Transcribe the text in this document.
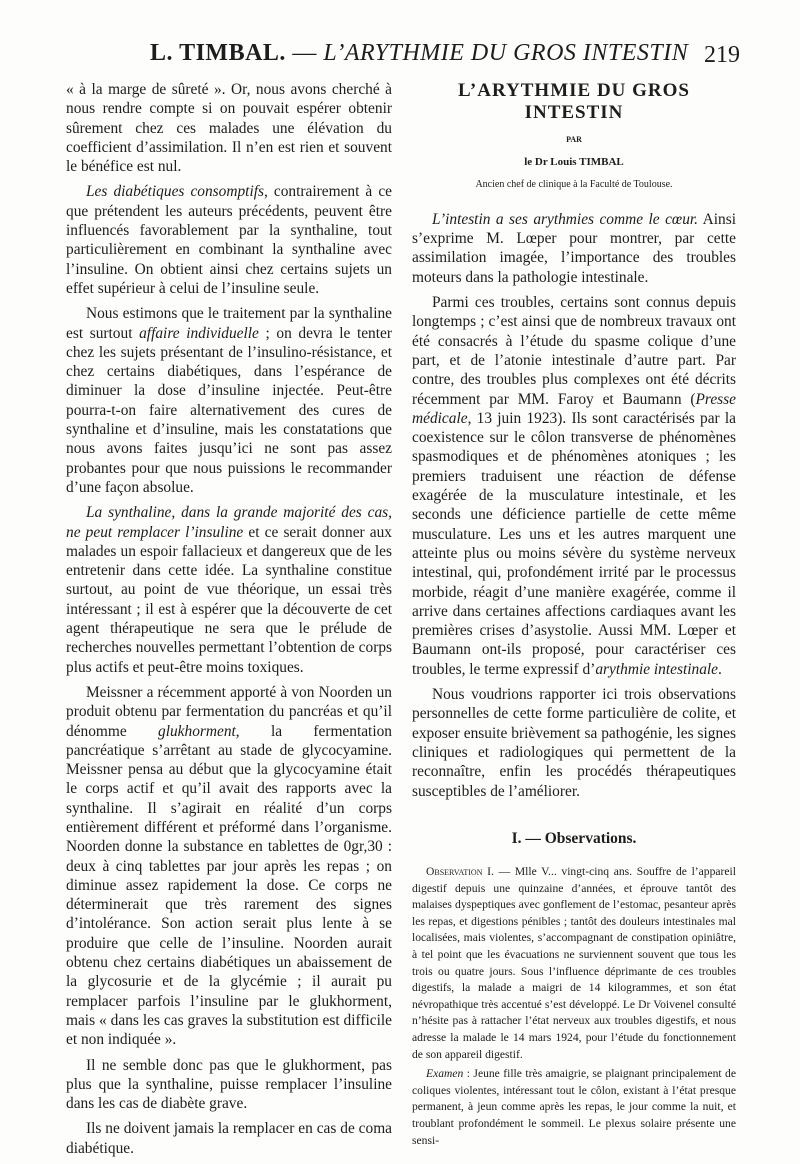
L. TIMBAL. — L’ARYTHMIE DU GROS INTESTIN 219

« à la marge de sûreté ». Or, nous avons cherché à nous rendre compte si on pouvait espérer obtenir sûrement chez ces malades une élévation du coefficient d’assimilation. Il n’en est rien et souvent le bénéfice est nul.

Les diabétiques consomptifs, contrairement à ce que prétendent les auteurs précédents, peuvent être influencés favorablement par la synthaline, tout particulièrement en combinant la synthaline avec l’insuline. On obtient ainsi chez certains sujets un effet supérieur à celui de l’insuline seule.

Nous estimons que le traitement par la synthaline est surtout affaire individuelle ; on devra le tenter chez les sujets présentant de l’insulino-résistance, et chez certains diabétiques, dans l’espérance de diminuer la dose d’insuline injectée. Peut-être pourra-t-on faire alternativement des cures de synthaline et d’insuline, mais les constatations que nous avons faites jusqu’ici ne sont pas assez probantes pour que nous puissions le recommander d’une façon absolue.

La synthaline, dans la grande majorité des cas, ne peut remplacer l’insuline et ce serait donner aux malades un espoir fallacieux et dangereux que de les entretenir dans cette idée. La synthaline constitue surtout, au point de vue théorique, un essai très intéressant ; il est à espérer que la découverte de cet agent thérapeutique ne sera que le prélude de recherches nouvelles permettant l’obtention de corps plus actifs et peut-être moins toxiques.

Meissner a récemment apporté à von Noorden un produit obtenu par fermentation du pancréas et qu’il dénomme glukhorment, la fermentation pancréatique s’arrêtant au stade de glycocyamine. Meissner pensa au début que la glycocyamine était le corps actif et qu’il avait des rapports avec la synthaline. Il s’agirait en réalité d’un corps entièrement différent et préformé dans l’organisme. Noorden donne la substance en tablettes de 0gr,30 : deux à cinq tablettes par jour après les repas ; on diminue assez rapidement la dose. Ce corps ne déterminerait que très rarement des signes d’intolérance. Son action serait plus lente à se produire que celle de l’insuline. Noorden aurait obtenu chez certains diabétiques un abaissement de la glycosurie et de la glycémie ; il aurait pu remplacer parfois l’insuline par le glukhorment, mais « dans les cas graves la substitution est difficile et non indiquée ».

Il ne semble donc pas que le glukhorment, pas plus que la synthaline, puisse remplacer l’insuline dans les cas de diabète grave.

Ils ne doivent jamais la remplacer en cas de coma diabétique.

L’ARYTHMIE DU GROS INTESTIN
PAR
le Dr Louis TIMBAL
Ancien chef de clinique à la Faculté de Toulouse.

L’intestin a ses arythmies comme le cœur. Ainsi s’exprime M. Lœper pour montrer, par cette assimilation imagée, l’importance des troubles moteurs dans la pathologie intestinale.

Parmi ces troubles, certains sont connus depuis longtemps ; c’est ainsi que de nombreux travaux ont été consacrés à l’étude du spasme colique d’une part, et de l’atonie intestinale d’autre part. Par contre, des troubles plus complexes ont été décrits récemment par MM. Faroy et Baumann (Presse médicale, 13 juin 1923). Ils sont caractérisés par la coexistence sur le côlon transverse de phénomènes spasmodiques et de phénomènes atoniques ; les premiers traduisent une réaction de défense exagérée de la musculature intestinale, et les seconds une déficience partielle de cette même musculature. Les uns et les autres marquent une atteinte plus ou moins sévère du système nerveux intestinal, qui, profondément irrité par le processus morbide, réagit d’une manière exagérée, comme il arrive dans certaines affections cardiaques avant les premières crises d’asystolie. Aussi MM. Lœper et Baumann ont-ils proposé, pour caractériser ces troubles, le terme expressif d’arythmie intestinale.

Nous voudrions rapporter ici trois observations personnelles de cette forme particulière de colite, et exposer ensuite brièvement sa pathogénie, les signes cliniques et radiologiques qui permettent de la reconnaître, enfin les procédés thérapeutiques susceptibles de l’améliorer.

I. — Observations.

Observation I. — Mlle V... vingt-cinq ans. Souffre de l’appareil digestif depuis une quinzaine d’années, et éprouve tantôt des malaises dyspeptiques avec gonflement de l’estomac, pesanteur après les repas, et digestions pénibles ; tantôt des douleurs intestinales mal localisées, mais violentes, s’accompagnant de constipation opiniâtre, à tel point que les évacuations ne surviennent souvent que tous les trois ou quatre jours. Sous l’influence déprimante de ces troubles digestifs, la malade a maigri de 14 kilogrammes, et son état névropathique très accentué s’est développé. Le Dr Voivenel consulté n’hésite pas à rattacher l’état nerveux aux troubles digestifs, et nous adresse la malade le 14 mars 1924, pour l’étude du fonctionnement de son appareil digestif.

Examen : Jeune fille très amaigrie, se plaignant principalement de coliques violentes, intéressant tout le côlon, existant à l’état presque permanent, à jeun comme après les repas, le jour comme la nuit, et troublant profondément le sommeil. Le plexus solaire présente une sensi-
